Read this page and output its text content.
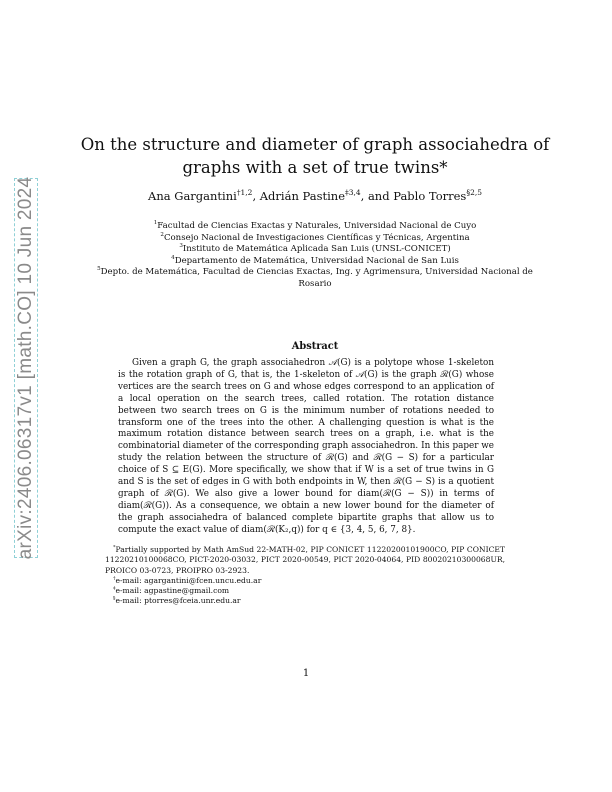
arXiv:2406.06317v1 [math.CO] 10 Jun 2024
On the structure and diameter of graph associahedra of
graphs with a set of true twins*
Ana Gargantini$^{\dagger 1,2}$, Adrián Pastine$^{\ddagger 3,4}$, and Pablo Torres$^{\S 2,5}$
$^1$Facultad de Ciencias Exactas y Naturales, Universidad Nacional de Cuyo
$^2$Consejo Nacional de Investigaciones Científicas y Técnicas, Argentina
$^3$Instituto de Matemática Aplicada San Luis (UNSL-CONICET)
$^4$Departamento de Matemática, Universidad Nacional de San Luis
$^5$Depto. de Matemática, Facultad de Ciencias Exactas, Ing. y Agrimensura, Universidad Nacional de Rosario
Abstract

Given a graph G, the graph associahedron 𝒜(G) is a polytope whose 1-skeleton is the rotation graph of G, that is, the 1-skeleton of 𝒜(G) is the graph ℛ(G) whose vertices are the search trees on G and whose edges correspond to an application of a local operation on the search trees, called rotation. The rotation distance between two search trees on G is the minimum number of rotations needed to transform one of the trees into the other. A challenging question is what is the maximum rotation distance between search trees on a graph, i.e. what is the combinatorial diameter of the corresponding graph associahedron. In this paper we study the relation between the structure of ℛ(G) and ℛ(G − S) for a particular choice of S ⊆ E(G). More specifically, we show that if W is a set of true twins in G and S is the set of edges in G with both endpoints in W, then ℛ(G − S) is a quotient graph of ℛ(G). We also give a lower bound for diam(ℛ(G − S)) in terms of diam(ℛ(G)). As a consequence, we obtain a new lower bound for the diameter of the graph associahedra of balanced complete bipartite graphs that allow us to compute the exact value of diam(ℛ(K₂,q)) for q ∈ {3, 4, 5, 6, 7, 8}.

*Partially supported by Math AmSud 22-MATH-02, PIP CONICET 11220200101900CO, PIP CONICET 11220210100068CO, PICT-2020-03032, PICT 2020-00549, PICT 2020-04064, PID 80020210300068UR, PROICO 03-0723, PROIPRO 03-2923.

†e-mail: agargantini@fcen.uncu.edu.ar

‡e-mail: agpastine@gmail.com

§e-mail: ptorres@fceia.unr.edu.ar

1
